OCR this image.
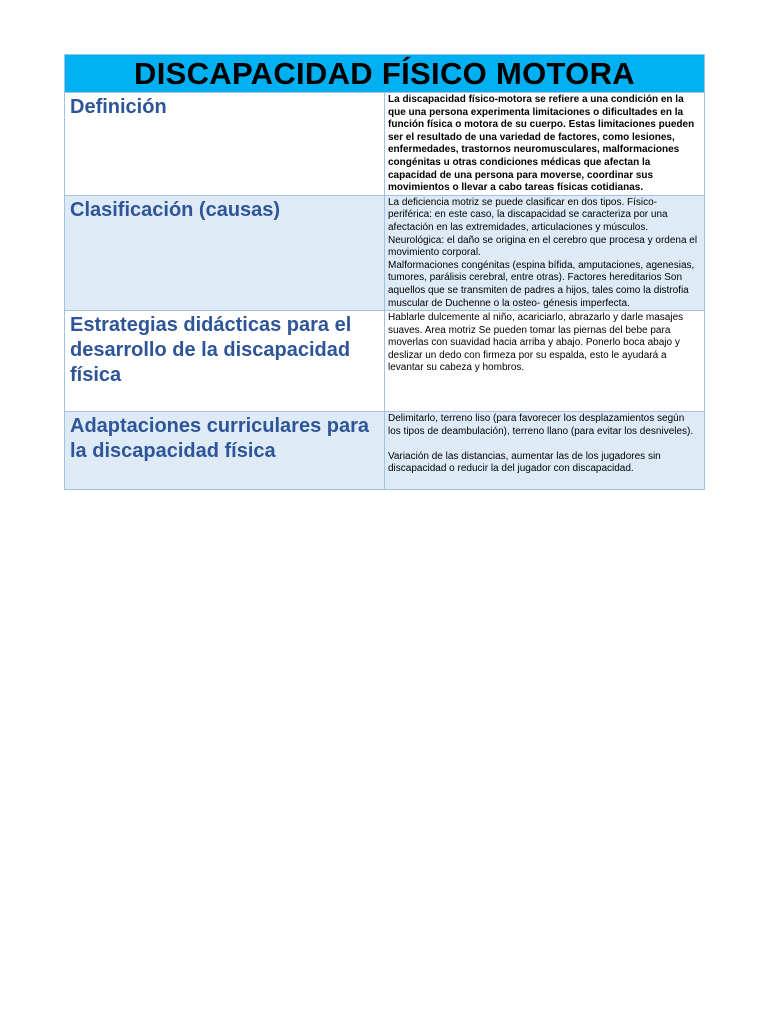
DISCAPACIDAD FÍSICO MOTORA	

Definición	La discapacidad físico-motora se refiere a una condición en la que una persona experimenta limitaciones o dificultades en la función física o motora de su cuerpo. Estas limitaciones pueden ser el resultado de una variedad de factores, como lesiones, enfermedades, trastornos neuromusculares, malformaciones congénitas u otras condiciones médicas que afectan la capacidad de una persona para moverse, coordinar sus movimientos o llevar a cabo tareas físicas cotidianas.

Clasificación (causas)	La deficiencia motriz se puede clasificar en dos tipos. Físico-periférica: en este caso, la discapacidad se caracteriza por una afectación en las extremidades, articulaciones y músculos. Neurológica: el daño se origina en el cerebro que procesa y ordena el movimiento corporal.
Malformaciones congénitas (espina bífida, amputaciones, agenesias, tumores, parálisis cerebral, entre otras). Factores hereditarios Son aquellos que se transmiten de padres a hijos, tales como la distrofia muscular de Duchenne o la osteo- génesis imperfecta.

Estrategias didácticas para el desarrollo de la discapacidad física	Hablarle dulcemente al niño, acariciarlo, abrazarlo y darle masajes suaves. Area motriz Se pueden tomar las piernas del bebe para moverlas con suavidad hacia arriba y abajo. Ponerlo boca abajo y deslizar un dedo con firmeza por su espalda, esto le ayudará a levantar su cabeza y hombros.

Adaptaciones curriculares para la discapacidad física	Delimitarlo, terreno liso (para favorecer los desplazamientos según los tipos de deambulación), terreno llano (para evitar los desniveles).

Variación de las distancias, aumentar las de los jugadores sin discapacidad o reducir la del jugador con discapacidad.
